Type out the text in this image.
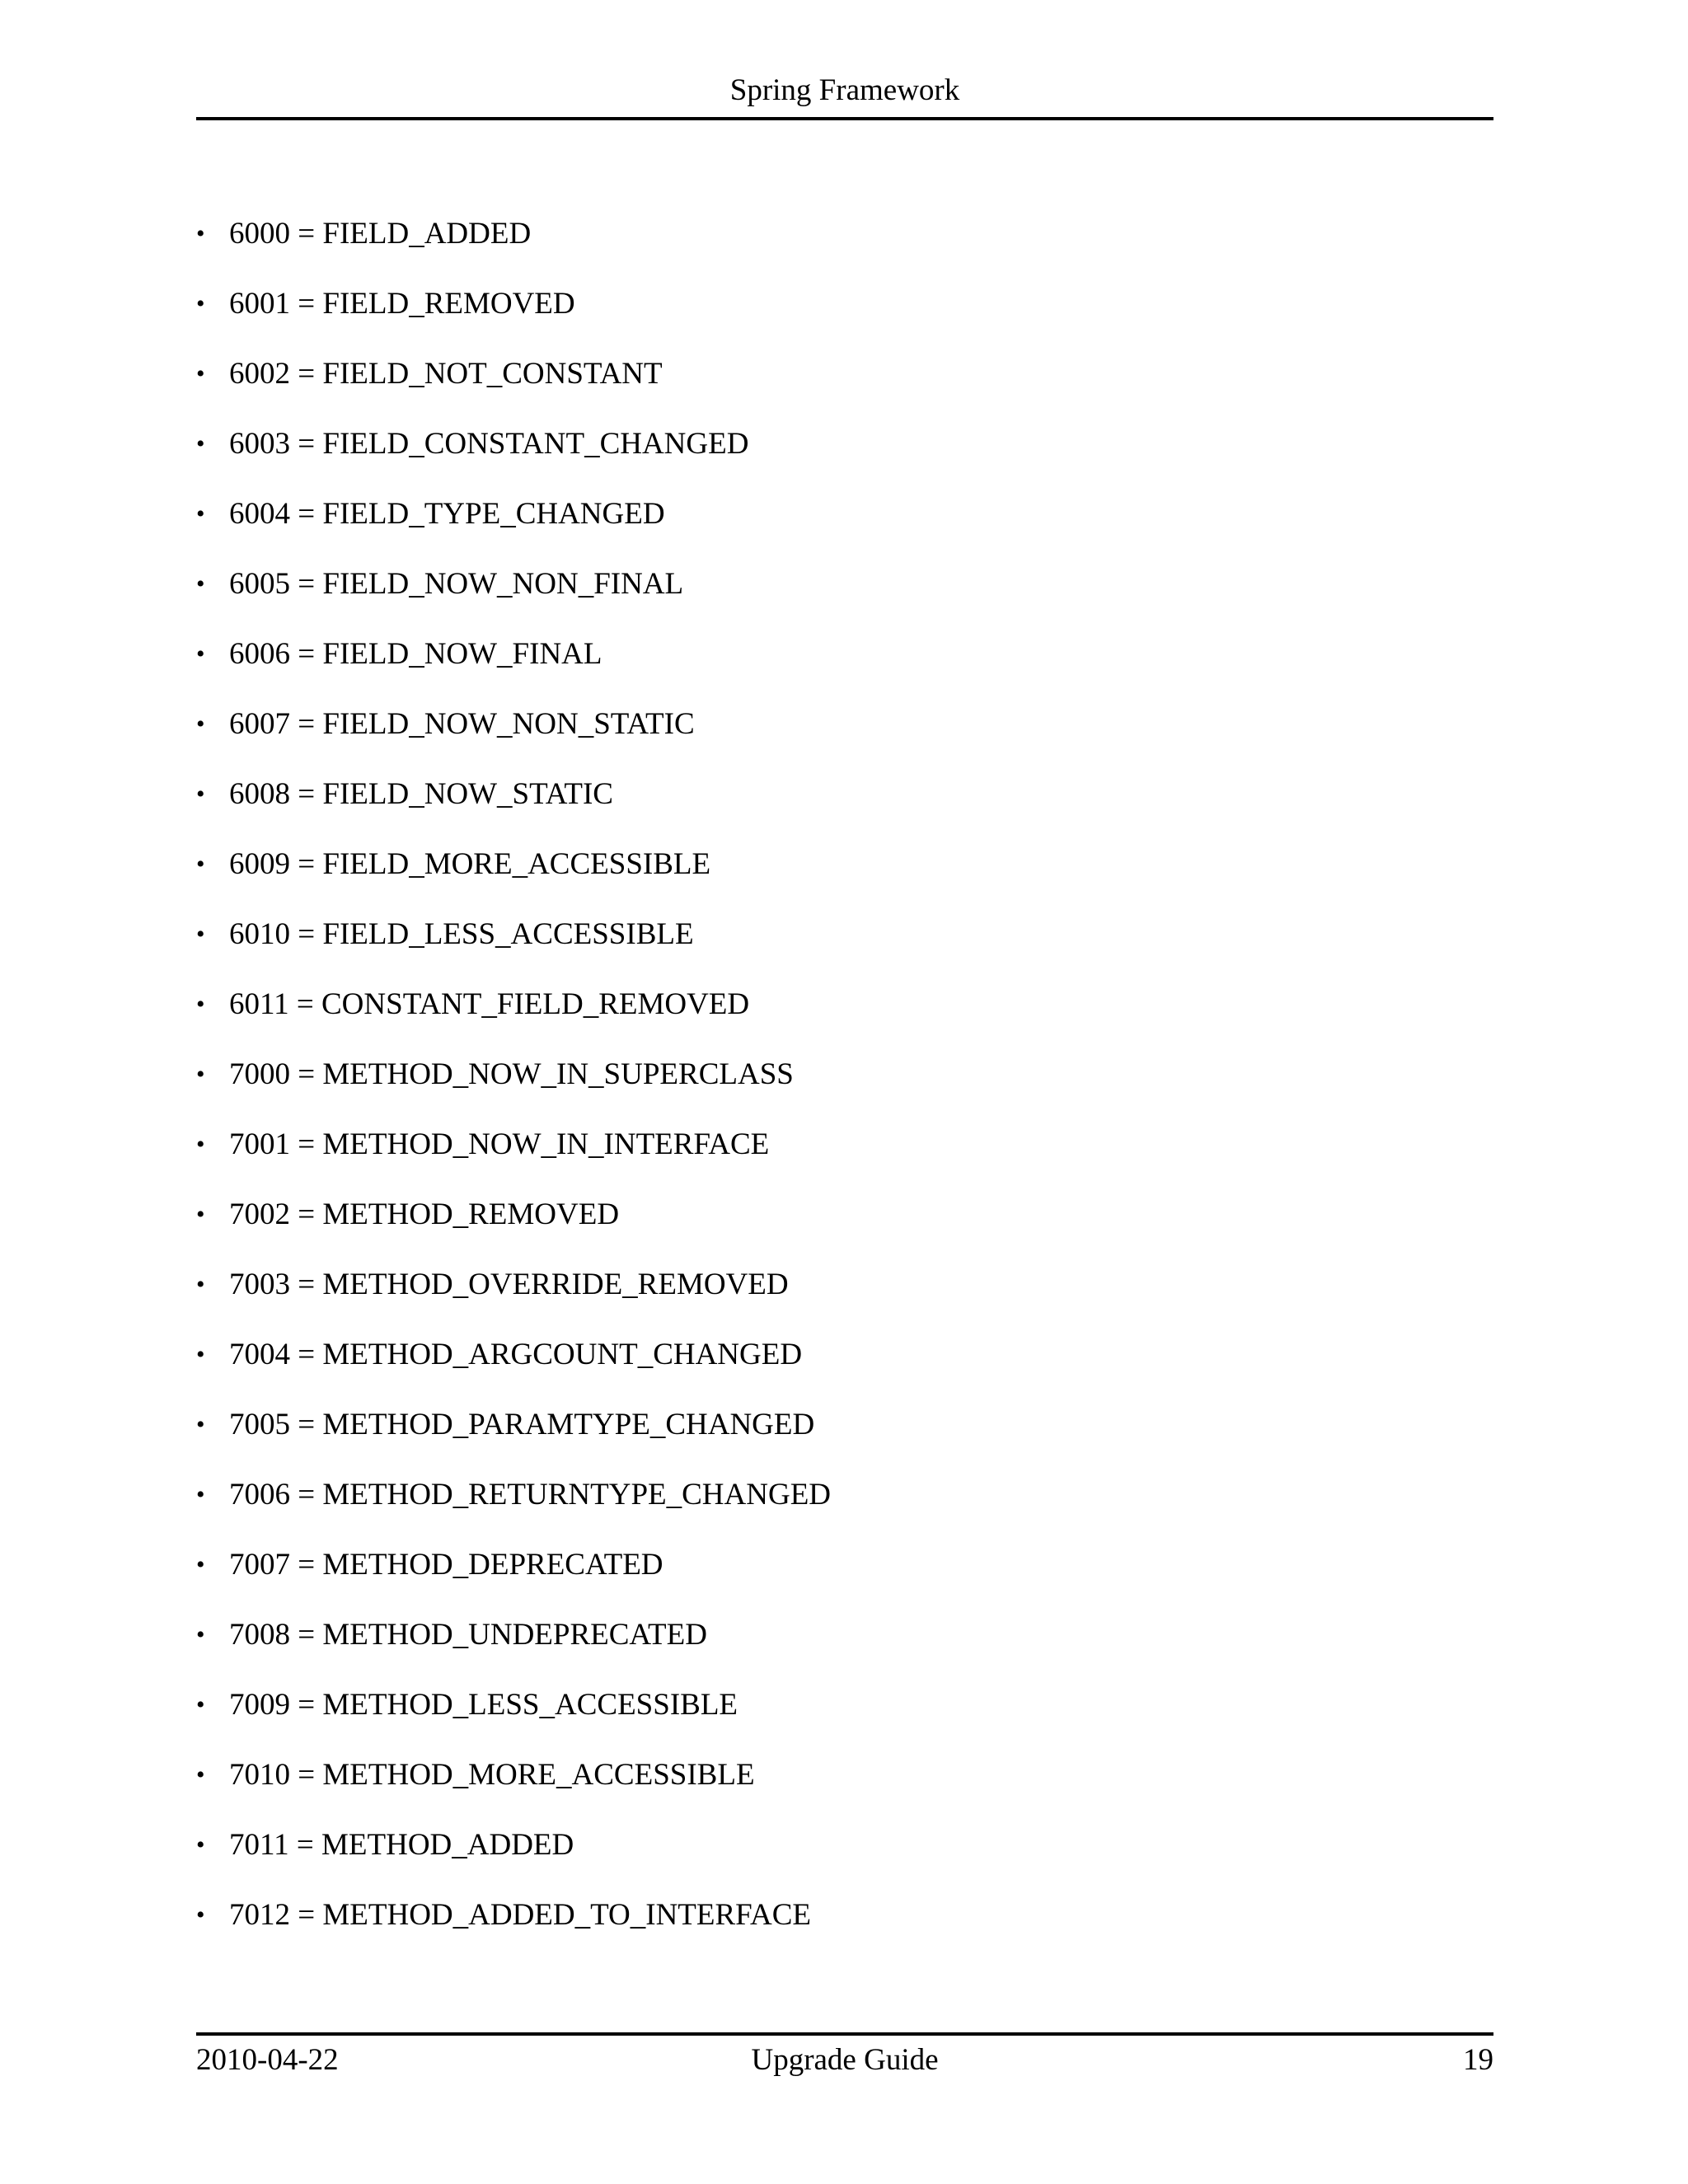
Spring Framework
• 6000 = FIELD_ADDED
• 6001 = FIELD_REMOVED
• 6002 = FIELD_NOT_CONSTANT
• 6003 = FIELD_CONSTANT_CHANGED
• 6004 = FIELD_TYPE_CHANGED
• 6005 = FIELD_NOW_NON_FINAL
• 6006 = FIELD_NOW_FINAL
• 6007 = FIELD_NOW_NON_STATIC
• 6008 = FIELD_NOW_STATIC
• 6009 = FIELD_MORE_ACCESSIBLE
• 6010 = FIELD_LESS_ACCESSIBLE
• 6011 = CONSTANT_FIELD_REMOVED
• 7000 = METHOD_NOW_IN_SUPERCLASS
• 7001 = METHOD_NOW_IN_INTERFACE
• 7002 = METHOD_REMOVED
• 7003 = METHOD_OVERRIDE_REMOVED
• 7004 = METHOD_ARGCOUNT_CHANGED
• 7005 = METHOD_PARAMTYPE_CHANGED
• 7006 = METHOD_RETURNTYPE_CHANGED
• 7007 = METHOD_DEPRECATED
• 7008 = METHOD_UNDEPRECATED
• 7009 = METHOD_LESS_ACCESSIBLE
• 7010 = METHOD_MORE_ACCESSIBLE
• 7011 = METHOD_ADDED
• 7012 = METHOD_ADDED_TO_INTERFACE
2010-04-22	Upgrade Guide	19
